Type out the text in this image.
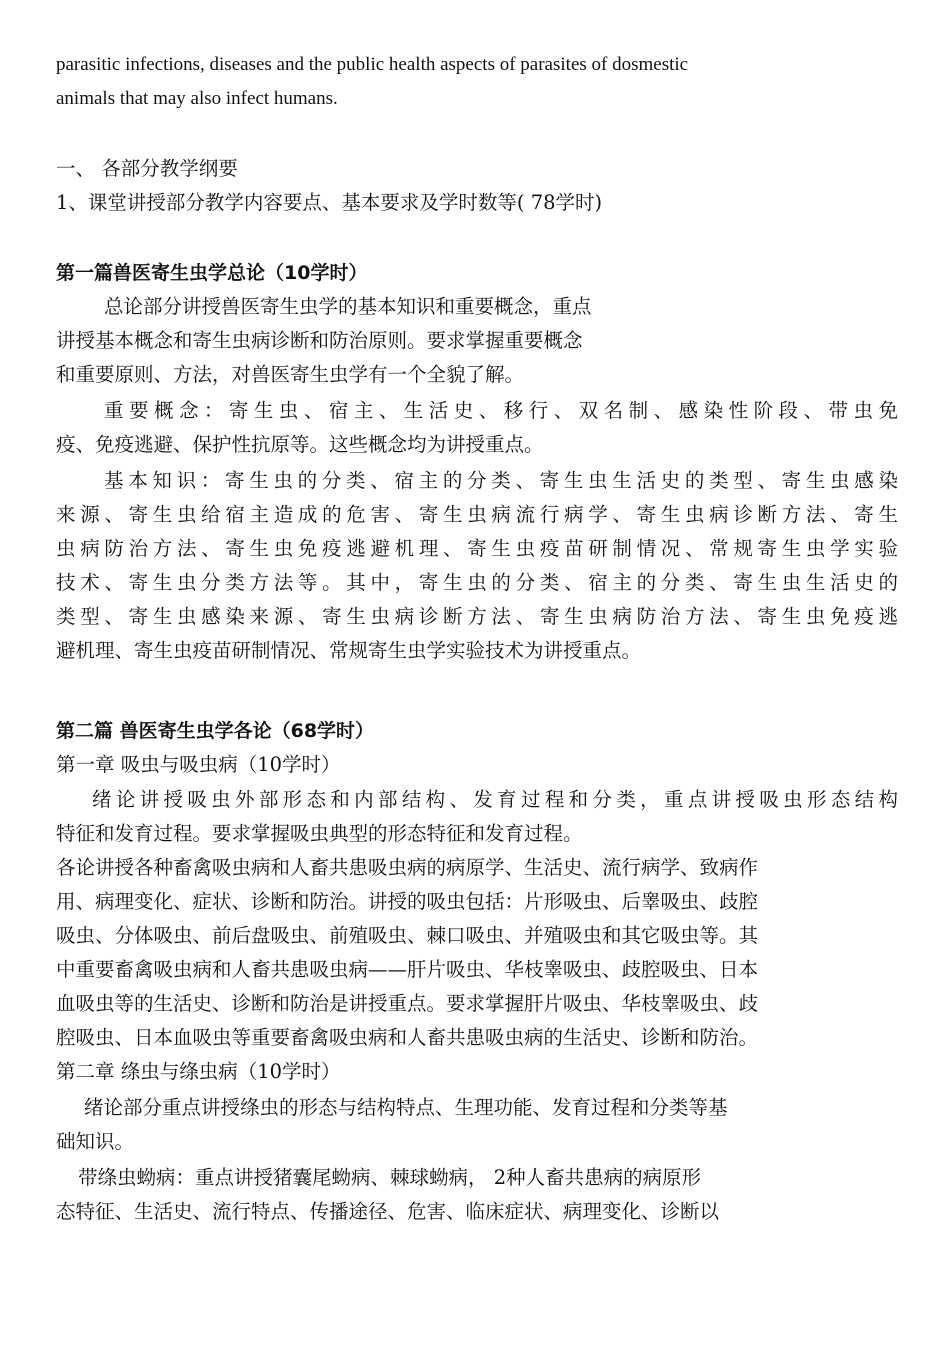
parasitic infections, diseases and the public health aspects of parasites of dosmestic
animals that may also infect humans.
一、 各部分教学纲要
1、课堂讲授部分教学内容要点、基本要求及学时数等( 78学时)
第一篇兽医寄生虫学总论（10学时）
总论部分讲授兽医寄生虫学的基本知识和重要概念，重点
讲授基本概念和寄生虫病诊断和防治原则。要求掌握重要概念
和重要原则、方法，对兽医寄生虫学有一个全貌了解。
重要概念：寄生虫、宿主、生活史、移行、双名制、感染性阶段、带虫免
疫、免疫逃避、保护性抗原等。这些概念均为讲授重点。
基本知识：寄生虫的分类、宿主的分类、寄生虫生活史的类型、寄生虫感染
来源、寄生虫给宿主造成的危害、寄生虫病流行病学、寄生虫病诊断方法、寄生
虫病防治方法、寄生虫免疫逃避机理、寄生虫疫苗研制情况、常规寄生虫学实验
技术、寄生虫分类方法等。其中，寄生虫的分类、宿主的分类、寄生虫生活史的
类型、寄生虫感染来源、寄生虫病诊断方法、寄生虫病防治方法、寄生虫免疫逃
避机理、寄生虫疫苗研制情况、常规寄生虫学实验技术为讲授重点。
第二篇 兽医寄生虫学各论（68学时）
第一章 吸虫与吸虫病（10学时）
绪论讲授吸虫外部形态和内部结构、发育过程和分类，重点讲授吸虫形态结构
特征和发育过程。要求掌握吸虫典型的形态特征和发育过程。
各论讲授各种畜禽吸虫病和人畜共患吸虫病的病原学、生活史、流行病学、致病作
用、病理变化、症状、诊断和防治。讲授的吸虫包括：片形吸虫、后睾吸虫、歧腔
吸虫、分体吸虫、前后盘吸虫、前殖吸虫、棘口吸虫、并殖吸虫和其它吸虫等。其
中重要畜禽吸虫病和人畜共患吸虫病——肝片吸虫、华枝睾吸虫、歧腔吸虫、日本
血吸虫等的生活史、诊断和防治是讲授重点。要求掌握肝片吸虫、华枝睾吸虫、歧
腔吸虫、日本血吸虫等重要畜禽吸虫病和人畜共患吸虫病的生活史、诊断和防治。
第二章 绦虫与绦虫病（10学时）
绪论部分重点讲授绦虫的形态与结构特点、生理功能、发育过程和分类等基
础知识。
带绦虫蚴病：重点讲授猪囊尾蚴病、棘球蚴病， 2种人畜共患病的病原形
态特征、生活史、流行特点、传播途径、危害、临床症状、病理变化、诊断以
